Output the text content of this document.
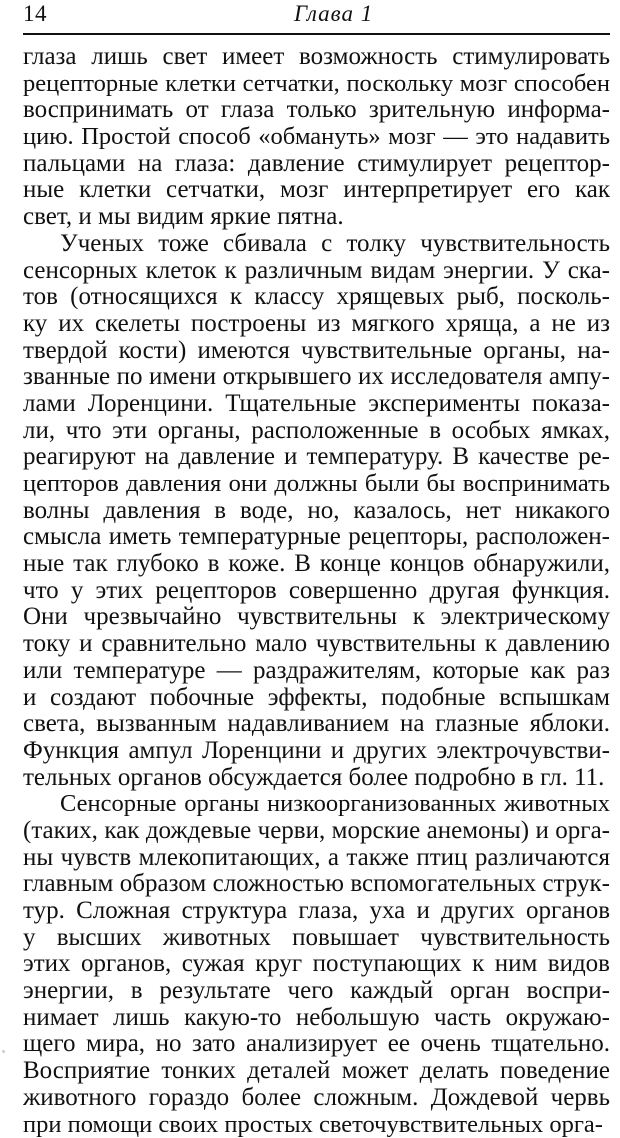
14	Глава 1
глаза лишь свет имеет возможность стимулировать
рецепторные клетки сетчатки, поскольку мозг способен
воспринимать от глаза только зрительную информа-
цию. Простой способ «обмануть» мозг — это надавить
пальцами на глаза: давление стимулирует рецептор-
ные клетки сетчатки, мозг интерпретирует его как
свет, и мы видим яркие пятна.
Ученых тоже сбивала с толку чувствительность
сенсорных клеток к различным видам энергии. У ска-
тов (относящихся к классу хрящевых рыб, посколь-
ку их скелеты построены из мягкого хряща, а не из
твердой кости) имеются чувствительные органы, на-
званные по имени открывшего их исследователя ампу-
лами Лоренцини. Тщательные эксперименты показа-
ли, что эти органы, расположенные в особых ямках,
реагируют на давление и температуру. В качестве ре-
цепторов давления они должны были бы воспринимать
волны давления в воде, но, казалось, нет никакого
смысла иметь температурные рецепторы, расположен-
ные так глубоко в коже. В конце концов обнаружили,
что у этих рецепторов совершенно другая функция.
Они чрезвычайно чувствительны к электрическому
току и сравнительно мало чувствительны к давлению
или температуре — раздражителям, которые как раз
и создают побочные эффекты, подобные вспышкам
света, вызванным надавливанием на глазные яблоки.
Функция ампул Лоренцини и других электрочувстви-
тельных органов обсуждается более подробно в гл. 11.
Сенсорные органы низкоорганизованных животных
(таких, как дождевые черви, морские анемоны) и орга-
ны чувств млекопитающих, а также птиц различаются
главным образом сложностью вспомогательных струк-
тур. Сложная структура глаза, уха и других органов
у высших животных повышает чувствительность
этих органов, сужая круг поступающих к ним видов
энергии, в результате чего каждый орган воспри-
нимает лишь какую-то небольшую часть окружаю-
щего мира, но зато анализирует ее очень тщательно.
Восприятие тонких деталей может делать поведение
животного гораздо более сложным. Дождевой червь
при помощи своих простых светочувствительных орга-
